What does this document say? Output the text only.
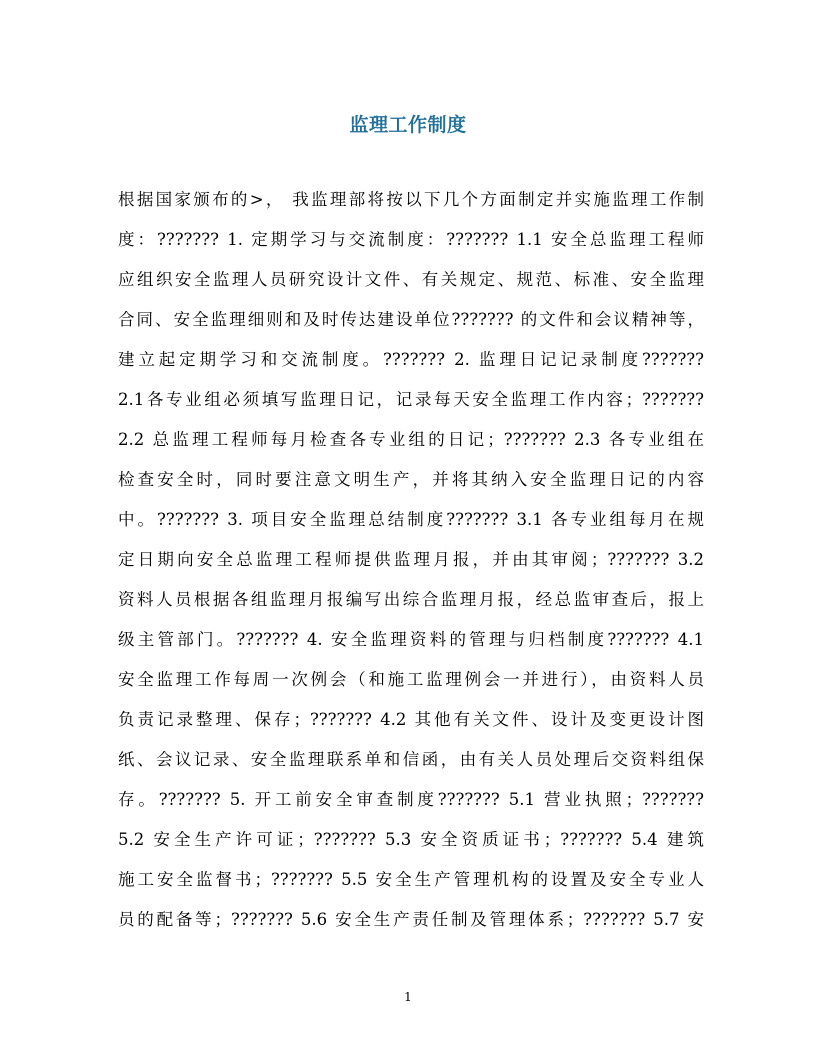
监理工作制度
根据国家颁布的>， 我监理部将按以下几个方面制定并实施监理工作制
度：??????? 1. 定期学习与交流制度：??????? 1.1 安全总监理工程师
应组织安全监理人员研究设计文件、有关规定、规范、标准、安全监理
合同、安全监理细则和及时传达建设单位??????? 的文件和会议精神等，
建立起定期学习和交流制度。??????? 2. 监理日记记录制度???????
2.1各专业组必须填写监理日记，记录每天安全监理工作内容；???????
2.2 总监理工程师每月检查各专业组的日记；??????? 2.3 各专业组在
检查安全时，同时要注意文明生产，并将其纳入安全监理日记的内容
中。??????? 3. 项目安全监理总结制度??????? 3.1 各专业组每月在规
定日期向安全总监理工程师提供监理月报，并由其审阅；??????? 3.2
资料人员根据各组监理月报编写出综合监理月报，经总监审查后，报上
级主管部门。??????? 4. 安全监理资料的管理与归档制度??????? 4.1
安全监理工作每周一次例会（和施工监理例会一并进行），由资料人员
负责记录整理、保存；??????? 4.2 其他有关文件、设计及变更设计图
纸、会议记录、安全监理联系单和信函，由有关人员处理后交资料组保
存。??????? 5. 开工前安全审查制度??????? 5.1 营业执照；???????
5.2 安全生产许可证；??????? 5.3 安全资质证书；??????? 5.4 建筑
施工安全监督书；??????? 5.5 安全生产管理机构的设置及安全专业人
员的配备等；??????? 5.6 安全生产责任制及管理体系；??????? 5.7 安
1
